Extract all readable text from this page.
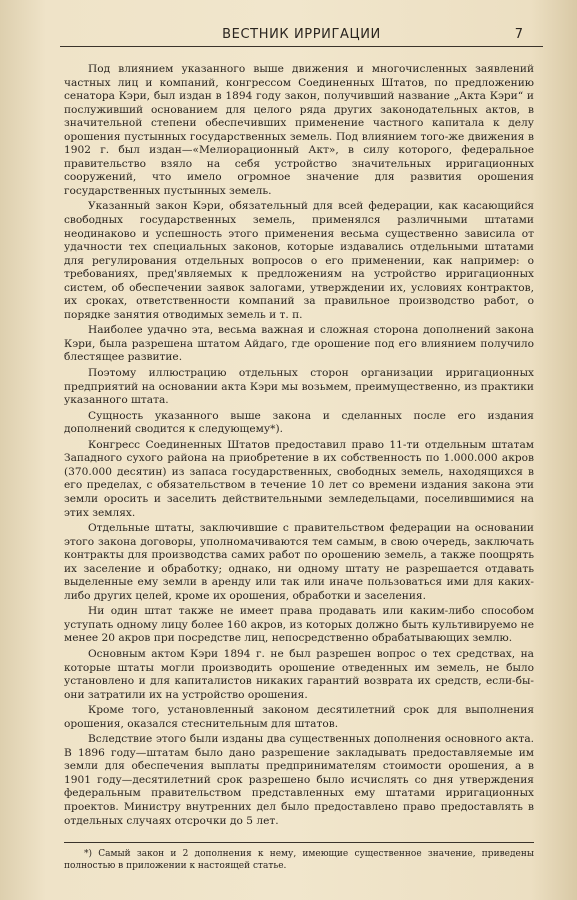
ВЕСТНИК ИРРИГАЦИИ	7

Под влиянием указанного выше движения и многочисленных заявлений частных лиц и компаний, конгрессом Соединенных Штатов, по предложению сенатора Кэри, был издан в 1894 году закон, получивший название „Акта Кэри“ и послуживший основанием для целого ряда других законодательных актов, в значительной степени обеспечивших применение частного капитала к делу орошения пустынных государственных земель. Под влиянием того-же движения в 1902 г. был издан—«Мелиорационный Акт», в силу которого, федеральное правительство взяло на себя устройство значительных ирригационных сооружений, что имело огромное значение для развития орошения государственных пустынных земель.

Указанный закон Кэри, обязательный для всей федерации, как касающийся свободных государственных земель, применялся различными штатами неодинаково и успешность этого применения весьма существенно зависила от удачности тех специальных законов, которые издавались отдельными штатами для регулирования отдельных вопросов о его применении, как например: о требованиях, пред'являемых к предложениям на устройство ирригационных систем, об обеспечении заявок залогами, утверждении их, условиях контрактов, их сроках, ответственности компаний за правильное производство работ, о порядке занятия отводимых земель и т. п.

Наиболее удачно эта, весьма важная и сложная сторона дополнений закона Кэри, была разрешена штатом Айдаго, где орошение под его влиянием получило блестящее развитие.

Поэтому иллюстрацию отдельных сторон организации ирригационных предприятий на основании акта Кэри мы возьмем, преимущественно, из практики указанного штата.

Сущность указанного выше закона и сделанных после его издания дополнений сводится к следующему*).

Конгресс Соединенных Штатов предоставил право 11-ти отдельным штатам Западного сухого района на приобретение в их собственность по 1.000.000 акров (370.000 десятин) из запаса государственных, свободных земель, находящихся в его пределах, с обязательством в течение 10 лет со времени издания закона эти земли оросить и заселить действительными земледельцами, поселившимися на этих землях.

Отдельные штаты, заключившие с правительством федерации на основании этого закона договоры, уполномачиваются тем самым, в свою очередь, заключать контракты для производства самих работ по орошению земель, а также поощрять их заселение и обработку; однако, ни одному штату не разрешается отдавать выделенные ему земли в аренду или так или иначе пользоваться ими для каких-либо других целей, кроме их орошения, обработки и заселения.

Ни один штат также не имеет права продавать или каким-либо способом уступать одному лицу более 160 акров, из которых должно быть культивируемо не менее 20 акров при посредстве лиц, непосредственно обрабатывающих землю.

Основным актом Кэри 1894 г. не был разрешен вопрос о тех средствах, на которые штаты могли производить орошение отведенных им земель, не было установлено и для капиталистов никаких гарантий возврата их средств, если-бы-они затратили их на устройство орошения.

Кроме того, установленный законом десятилетний срок для выполнения орошения, оказался стеснительным для штатов.

Вследствие этого были изданы два существенных дополнения основного акта. В 1896 году—штатам было дано разрешение закладывать предоставляемые им земли для обеспечения выплаты предпринимателям стоимости орошения, а в 1901 году—десятилетний срок разрешено было исчислять со дня утверждения федеральным правительством представленных ему штатами ирригационных проектов. Министру внутренних дел было предоставлено право предоставлять в отдельных случаях отсрочки до 5 лет.

*) Самый закон и 2 дополнения к нему, имеющие существенное значение, приведены полностью в приложении к настоящей статье.
